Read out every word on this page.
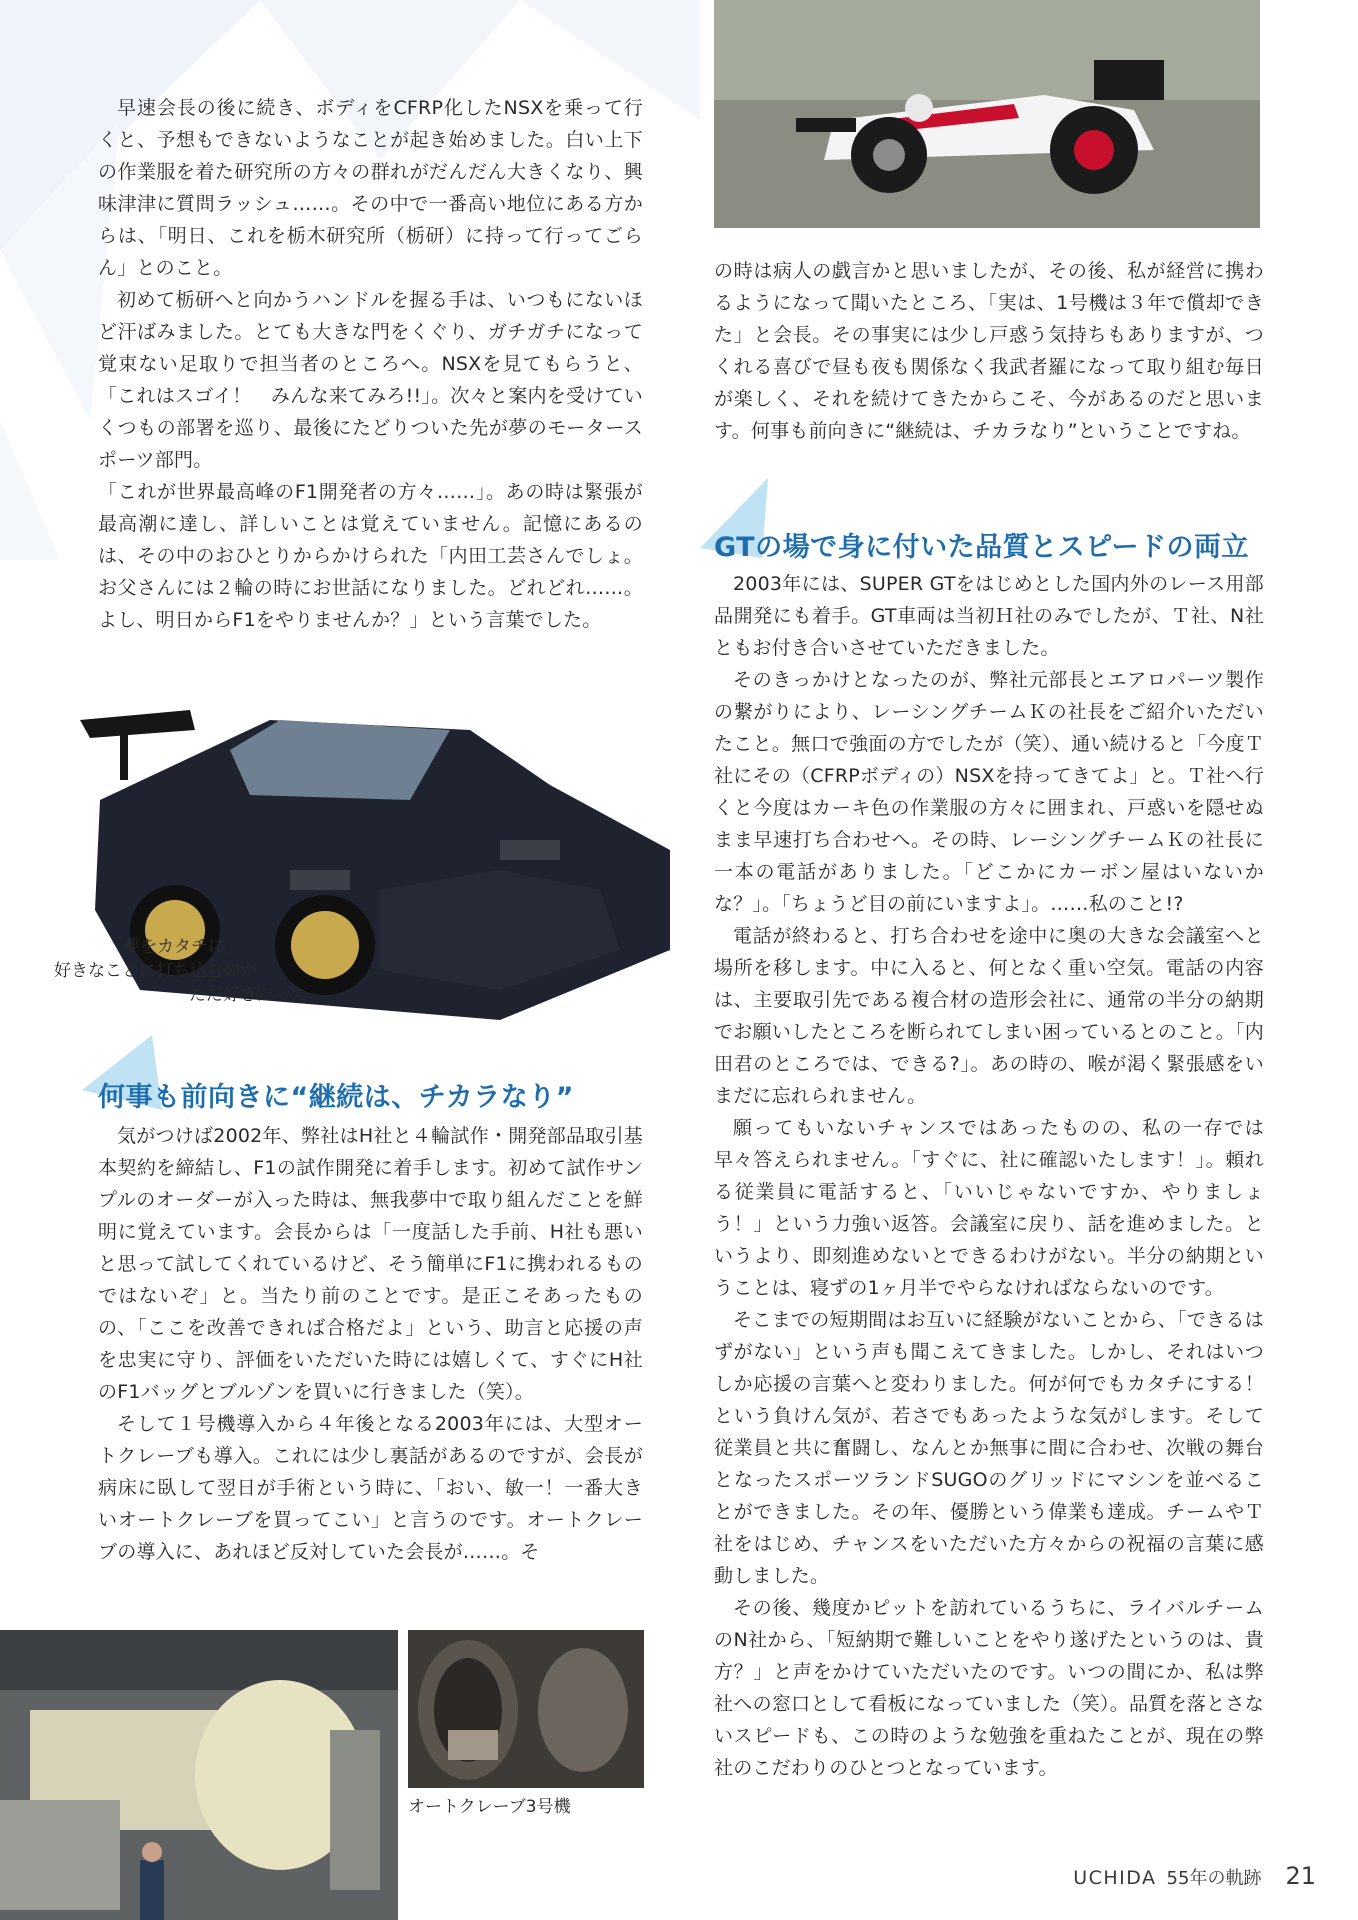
早速会長の後に続き、ボディをCFRP化したNSXを乗って行くと、予想もできないようなことが起き始めました。白い上下の作業服を着た研究所の方々の群れがだんだん大きくなり、興味津津に質問ラッシュ……。その中で一番高い地位にある方からは、「明日、これを栃木研究所（栃研）に持って行ってごらん」とのこと。

初めて栃研へと向かうハンドルを握る手は、いつもにないほど汗ばみました。とても大きな門をくぐり、ガチガチになって覚束ない足取りで担当者のところへ。NSXを見てもらうと、「これはスゴイ！　みんな来てみろ!!」。次々と案内を受けていくつもの部署を巡り、最後にたどりついた先が夢のモータースポーツ部門。

「これが世界最高峰のF1開発者の方々……」。あの時は緊張が最高潮に達し、詳しいことは覚えていません。記憶にあるのは、その中のおひとりからかけられた「内田工芸さんでしょ。お父さんには２輪の時にお世話になりました。どれどれ……。よし、明日からF1をやりませんか？」という言葉でした。

「夢をカタチに」
好きなことに打ち込むのが
ただ好きだった
何事も前向きに“継続は、チカラなり”

気がつけば2002年、弊社はH社と４輪試作・開発部品取引基本契約を締結し、F1の試作開発に着手します。初めて試作サンプルのオーダーが入った時は、無我夢中で取り組んだことを鮮明に覚えています。会長からは「一度話した手前、H社も悪いと思って試してくれているけど、そう簡単にF1に携われるものではないぞ」と。当たり前のことです。是正こそあったものの、「ここを改善できれば合格だよ」という、助言と応援の声を忠実に守り、評価をいただいた時には嬉しくて、すぐにH社のF1バッグとブルゾンを買いに行きました（笑）。

そして１号機導入から４年後となる2003年には、大型オートクレーブも導入。これには少し裏話があるのですが、会長が病床に臥して翌日が手術という時に、「おい、敏一！一番大きいオートクレーブを買ってこい」と言うのです。オートクレーブの導入に、あれほど反対していた会長が……。そ

オートクレーブ3号機

の時は病人の戯言かと思いましたが、その後、私が経営に携わるようになって聞いたところ、「実は、1号機は３年で償却できた」と会長。その事実には少し戸惑う気持ちもありますが、つくれる喜びで昼も夜も関係なく我武者羅になって取り組む毎日が楽しく、それを続けてきたからこそ、今があるのだと思います。何事も前向きに“継続は、チカラなり”ということですね。

GTの場で身に付いた品質とスピードの両立

2003年には、SUPER GTをはじめとした国内外のレース用部品開発にも着手。GT車両は当初Ｈ社のみでしたが、Ｔ社、N社ともお付き合いさせていただきました。

そのきっかけとなったのが、弊社元部長とエアロパーツ製作の繋がりにより、レーシングチームＫの社長をご紹介いただいたこと。無口で強面の方でしたが（笑）、通い続けると「今度Ｔ社にその（CFRPボディの）NSXを持ってきてよ」と。Ｔ社へ行くと今度はカーキ色の作業服の方々に囲まれ、戸惑いを隠せぬまま早速打ち合わせへ。その時、レーシングチームＫの社長に一本の電話がありました。「どこかにカーボン屋はいないかな？」。「ちょうど目の前にいますよ」。……私のこと!?

電話が終わると、打ち合わせを途中に奥の大きな会議室へと場所を移します。中に入ると、何となく重い空気。電話の内容は、主要取引先である複合材の造形会社に、通常の半分の納期でお願いしたところを断られてしまい困っているとのこと。「内田君のところでは、できる?」。あの時の、喉が渇く緊張感をいまだに忘れられません。

願ってもいないチャンスではあったものの、私の一存では早々答えられません。「すぐに、社に確認いたします！」。頼れる従業員に電話すると、「いいじゃないですか、やりましょう！」という力強い返答。会議室に戻り、話を進めました。というより、即刻進めないとできるわけがない。半分の納期ということは、寝ずの1ヶ月半でやらなければならないのです。

そこまでの短期間はお互いに経験がないことから、「できるはずがない」という声も聞こえてきました。しかし、それはいつしか応援の言葉へと変わりました。何が何でもカタチにする！　という負けん気が、若さでもあったような気がします。そして従業員と共に奮闘し、なんとか無事に間に合わせ、次戦の舞台となったスポーツランドSUGOのグリッドにマシンを並べることができました。その年、優勝という偉業も達成。チームやＴ社をはじめ、チャンスをいただいた方々からの祝福の言葉に感動しました。

その後、幾度かピットを訪れているうちに、ライバルチームのN社から、「短納期で難しいことをやり遂げたというのは、貴方？」と声をかけていただいたのです。いつの間にか、私は弊社への窓口として看板になっていました（笑）。品質を落とさないスピードも、この時のような勉強を重ねたことが、現在の弊社のこだわりのひとつとなっています。

UCHIDA 55年の軌跡 21
